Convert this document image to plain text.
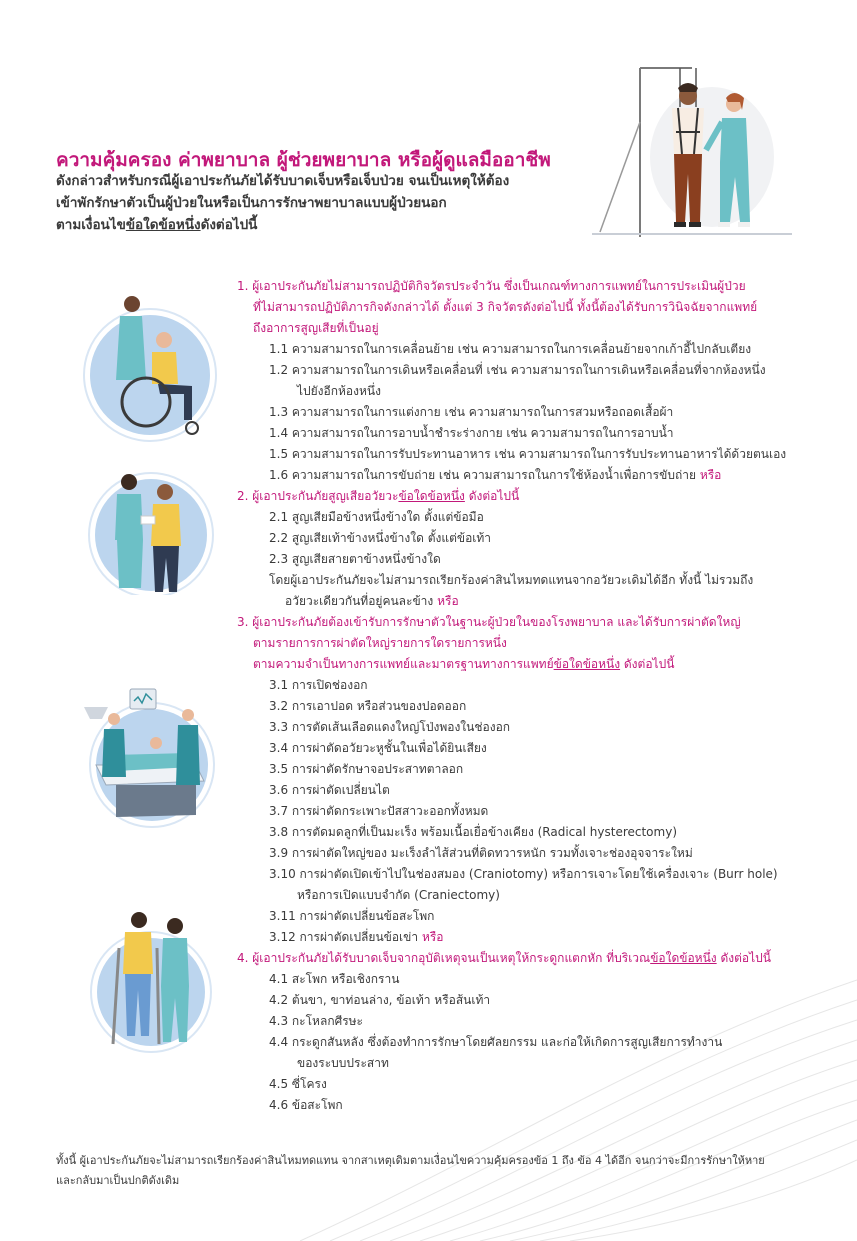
ความคุ้มครอง ค่าพยาบาล ผู้ช่วยพยาบาล หรือผู้ดูแลมืออาชีพ
ดังกล่าวสำหรับกรณีผู้เอาประกันภัยได้รับบาดเจ็บหรือเจ็บป่วย จนเป็นเหตุให้ต้อง
เข้าพักรักษาตัวเป็นผู้ป่วยในหรือเป็นการรักษาพยาบาลแบบผู้ป่วยนอก
ตามเงื่อนไขข้อใดข้อหนึ่งดังต่อไปนี้
1. ผู้เอาประกันภัยไม่สามารถปฏิบัติกิจวัตรประจำวัน ซึ่งเป็นเกณฑ์ทางการแพทย์ในการประเมินผู้ป่วย
ที่ไม่สามารถปฏิบัติภารกิจดังกล่าวได้ ตั้งแต่ 3 กิจวัตรดังต่อไปนี้ ทั้งนี้ต้องได้รับการวินิจฉัยจากแพทย์
ถึงอาการสูญเสียที่เป็นอยู่
1.1 ความสามารถในการเคลื่อนย้าย เช่น ความสามารถในการเคลื่อนย้ายจากเก้าอี้ไปกลับเตียง
1.2 ความสามารถในการเดินหรือเคลื่อนที่ เช่น ความสามารถในการเดินหรือเคลื่อนที่จากห้องหนึ่ง
ไปยังอีกห้องหนึ่ง
1.3 ความสามารถในการแต่งกาย เช่น ความสามารถในการสวมหรือถอดเสื้อผ้า
1.4 ความสามารถในการอาบน้ำชำระร่างกาย เช่น ความสามารถในการอาบน้ำ
1.5 ความสามารถในการรับประทานอาหาร เช่น ความสามารถในการรับประทานอาหารได้ด้วยตนเอง
1.6 ความสามารถในการขับถ่าย เช่น ความสามารถในการใช้ห้องน้ำเพื่อการขับถ่าย หรือ
2. ผู้เอาประกันภัยสูญเสียอวัยวะข้อใดข้อหนึ่ง ดังต่อไปนี้
2.1 สูญเสียมือข้างหนึ่งข้างใด ตั้งแต่ข้อมือ
2.2 สูญเสียเท้าข้างหนึ่งข้างใด ตั้งแต่ข้อเท้า
2.3 สูญเสียสายตาข้างหนึ่งข้างใด
โดยผู้เอาประกันภัยจะไม่สามารถเรียกร้องค่าสินไหมทดแทนจากอวัยวะเดิมได้อีก ทั้งนี้ ไม่รวมถึง
อวัยวะเดียวกันที่อยู่คนละข้าง หรือ
3. ผู้เอาประกันภัยต้องเข้ารับการรักษาตัวในฐานะผู้ป่วยในของโรงพยาบาล และได้รับการผ่าตัดใหญ่
ตามรายการการผ่าตัดใหญ่รายการใดรายการหนึ่ง
ตามความจำเป็นทางการแพทย์และมาตรฐานทางการแพทย์ข้อใดข้อหนึ่ง ดังต่อไปนี้
3.1 การเปิดช่องอก
3.2 การเอาปอด หรือส่วนของปอดออก
3.3 การตัดเส้นเลือดแดงใหญ่โป่งพองในช่องอก
3.4 การผ่าตัดอวัยวะหูชั้นในเพื่อได้ยินเสียง
3.5 การผ่าตัดรักษาจอประสาทตาลอก
3.6 การผ่าตัดเปลี่ยนไต
3.7 การผ่าตัดกระเพาะปัสสาวะออกทั้งหมด
3.8 การตัดมดลูกที่เป็นมะเร็ง พร้อมเนื้อเยื่อข้างเคียง (Radical hysterectomy)
3.9 การผ่าตัดใหญ่ของ มะเร็งลำไส้ส่วนที่ติดทวารหนัก รวมทั้งเจาะช่องอุจจาระใหม่
3.10 การผ่าตัดเปิดเข้าไปในช่องสมอง (Craniotomy) หรือการเจาะโดยใช้เครื่องเจาะ (Burr hole)
หรือการเปิดแบบจำกัด (Craniectomy)
3.11 การผ่าตัดเปลี่ยนข้อสะโพก
3.12 การผ่าตัดเปลี่ยนข้อเข่า หรือ
4. ผู้เอาประกันภัยได้รับบาดเจ็บจากอุบัติเหตุจนเป็นเหตุให้กระดูกแตกหัก ที่บริเวณข้อใดข้อหนึ่ง ดังต่อไปนี้
4.1 สะโพก หรือเชิงกราน
4.2 ต้นขา, ขาท่อนล่าง, ข้อเท้า หรือส้นเท้า
4.3 กะโหลกศีรษะ
4.4 กระดูกสันหลัง ซึ่งต้องทำการรักษาโดยศัลยกรรม และก่อให้เกิดการสูญเสียการทำงาน
ของระบบประสาท
4.5 ซี่โครง
4.6 ข้อสะโพก
ทั้งนี้ ผู้เอาประกันภัยจะไม่สามารถเรียกร้องค่าสินไหมทดแทน จากสาเหตุเดิมตามเงื่อนไขความคุ้มครองข้อ 1 ถึง ข้อ 4 ได้อีก จนกว่าจะมีการรักษาให้หาย
และกลับมาเป็นปกติดังเดิม
